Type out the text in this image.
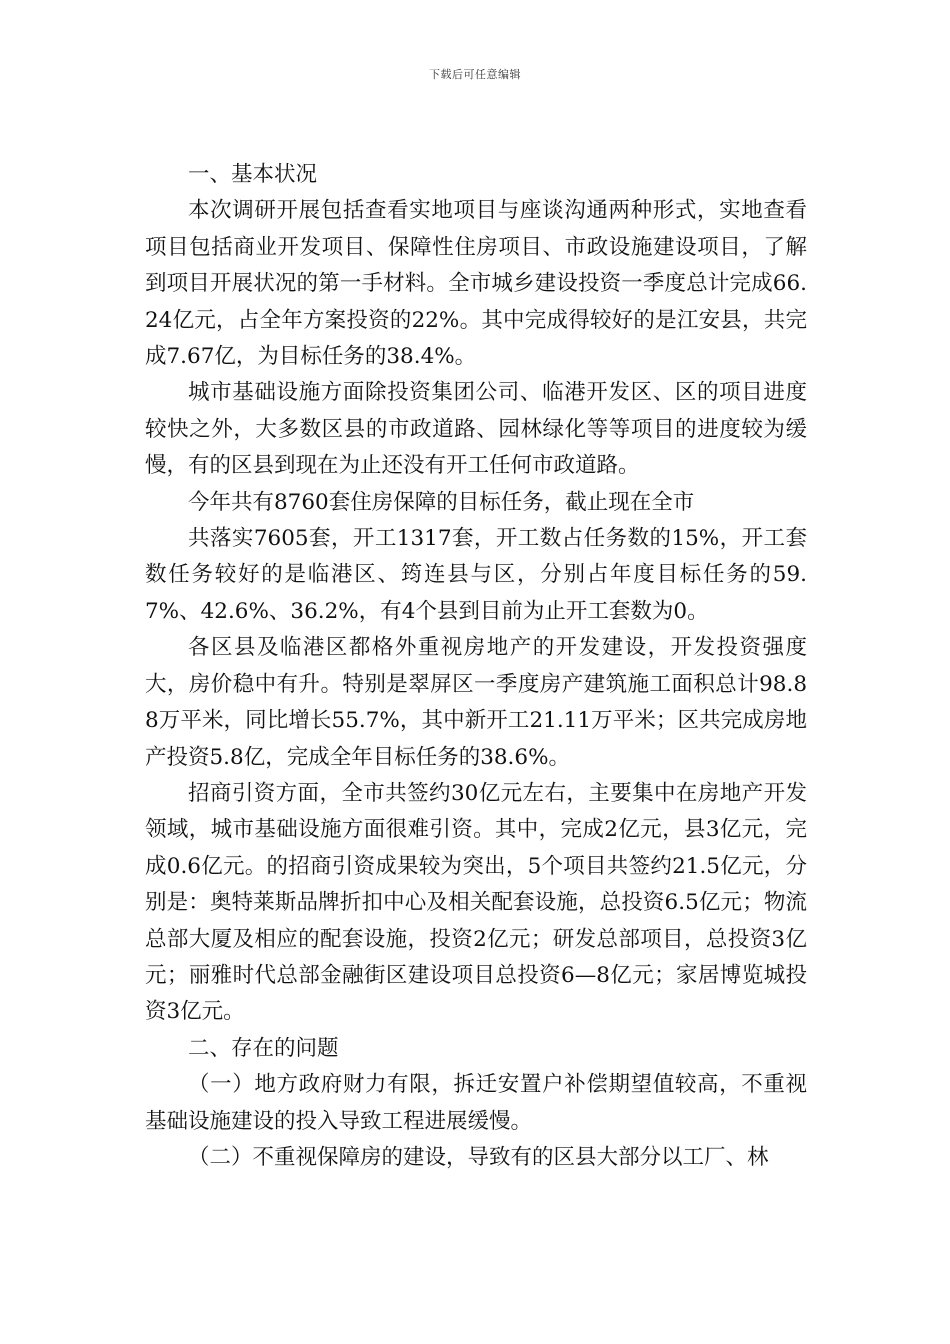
下载后可任意编辑

一、基本状况

本次调研开展包括查看实地项目与座谈沟通两种形式，实地查看项目包括商业开发项目、保障性住房项目、市政设施建设项目，了解到项目开展状况的第一手材料。全市城乡建设投资一季度总计完成66.24亿元，占全年方案投资的22%。其中完成得较好的是江安县，共完成7.67亿，为目标任务的38.4%。

城市基础设施方面除投资集团公司、临港开发区、区的项目进度较快之外，大多数区县的市政道路、园林绿化等等项目的进度较为缓慢，有的区县到现在为止还没有开工任何市政道路。

今年共有8760套住房保障的目标任务，截止现在全市

共落实7605套，开工1317套，开工数占任务数的15%，开工套数任务较好的是临港区、筠连县与区，分别占年度目标任务的59.7%、42.6%、36.2%，有4个县到目前为止开工套数为0。

各区县及临港区都格外重视房地产的开发建设，开发投资强度大，房价稳中有升。特别是翠屏区一季度房产建筑施工面积总计98.88万平米，同比增长55.7%，其中新开工21.11万平米；区共完成房地产投资5.8亿，完成全年目标任务的38.6%。

招商引资方面，全市共签约30亿元左右，主要集中在房地产开发领域，城市基础设施方面很难引资。其中，完成2亿元，县3亿元，完成0.6亿元。的招商引资成果较为突出，5个项目共签约21.5亿元，分别是：奥特莱斯品牌折扣中心及相关配套设施，总投资6.5亿元；物流总部大厦及相应的配套设施，投资2亿元；研发总部项目，总投资3亿元；丽雅时代总部金融街区建设项目总投资6—8亿元；家居博览城投资3亿元。

二、存在的问题

（一）地方政府财力有限，拆迁安置户补偿期望值较高，不重视基础设施建设的投入导致工程进展缓慢。

（二）不重视保障房的建设，导致有的区县大部分以工厂、林
